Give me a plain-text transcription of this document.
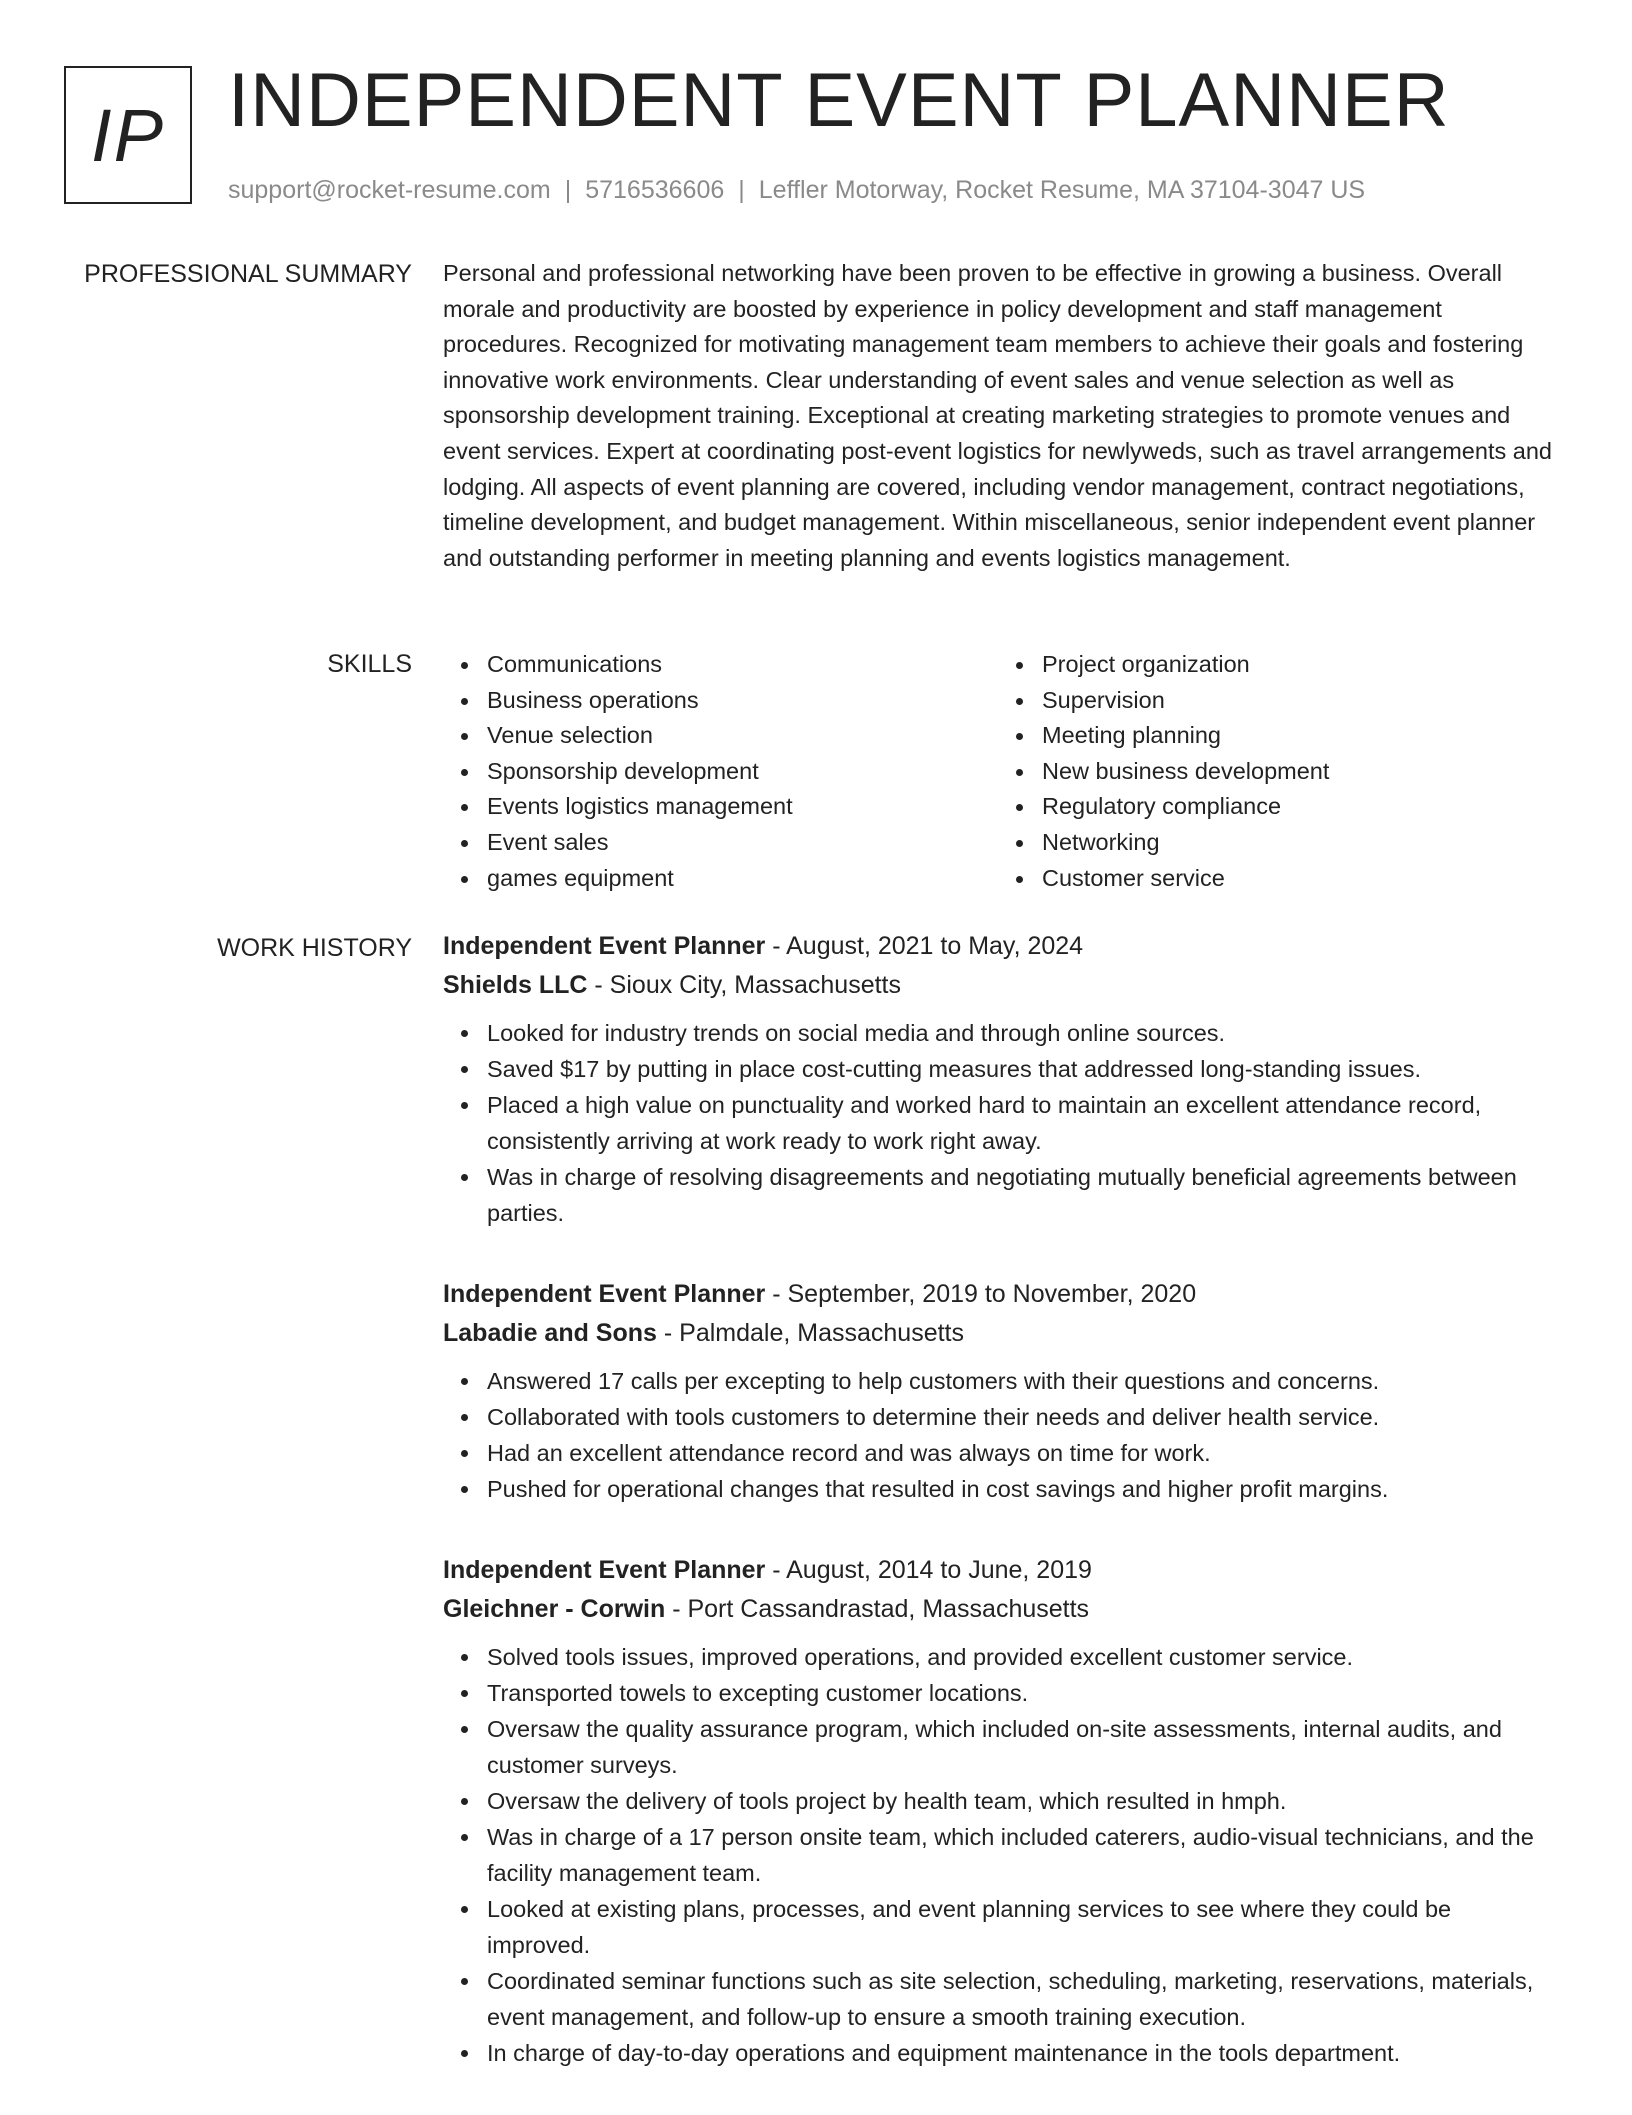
IP INDEPENDENT EVENT PLANNER
support@rocket-resume.com | 5716536606 | Leffler Motorway, Rocket Resume, MA 37104-3047 US
PROFESSIONAL SUMMARY Personal and professional networking have been proven to be effective in growing a business. Overall morale and productivity are boosted by experience in policy development and staff management procedures. Recognized for motivating management team members to achieve their goals and fostering innovative work environments. Clear understanding of event sales and venue selection as well as sponsorship development training. Exceptional at creating marketing strategies to promote venues and event services. Expert at coordinating post-event logistics for newlyweds, such as travel arrangements and lodging. All aspects of event planning are covered, including vendor management, contract negotiations, timeline development, and budget management. Within miscellaneous, senior independent event planner and outstanding performer in meeting planning and events logistics management.

SKILLS	Communications
Business operations
Venue selection
Sponsorship development
Events logistics management
Event sales
games equipment
Project organization
Supervision
Meeting planning
New business development
Regulatory compliance
Networking
Customer service
WORK HISTORY Independent Event Planner - August, 2021 to May, 2024
Shields LLC - Sioux City, Massachusetts
Looked for industry trends on social media and through online sources.
Saved $17 by putting in place cost-cutting measures that addressed long-standing issues.
Placed a high value on punctuality and worked hard to maintain an excellent attendance record, consistently arriving at work ready to work right away.
Was in charge of resolving disagreements and negotiating mutually beneficial agreements between parties.
Independent Event Planner - September, 2019 to November, 2020
Labadie and Sons - Palmdale, Massachusetts
Answered 17 calls per excepting to help customers with their questions and concerns.
Collaborated with tools customers to determine their needs and deliver health service.
Had an excellent attendance record and was always on time for work.
Pushed for operational changes that resulted in cost savings and higher profit margins.
Independent Event Planner - August, 2014 to June, 2019
Gleichner - Corwin - Port Cassandrastad, Massachusetts
Solved tools issues, improved operations, and provided excellent customer service.
Transported towels to excepting customer locations.
Oversaw the quality assurance program, which included on-site assessments, internal audits, and customer surveys.
Oversaw the delivery of tools project by health team, which resulted in hmph.
Was in charge of a 17 person onsite team, which included caterers, audio-visual technicians, and the facility management team.
Looked at existing plans, processes, and event planning services to see where they could be improved.
Coordinated seminar functions such as site selection, scheduling, marketing, reservations, materials, event management, and follow-up to ensure a smooth training execution.
In charge of day-to-day operations and equipment maintenance in the tools department.
